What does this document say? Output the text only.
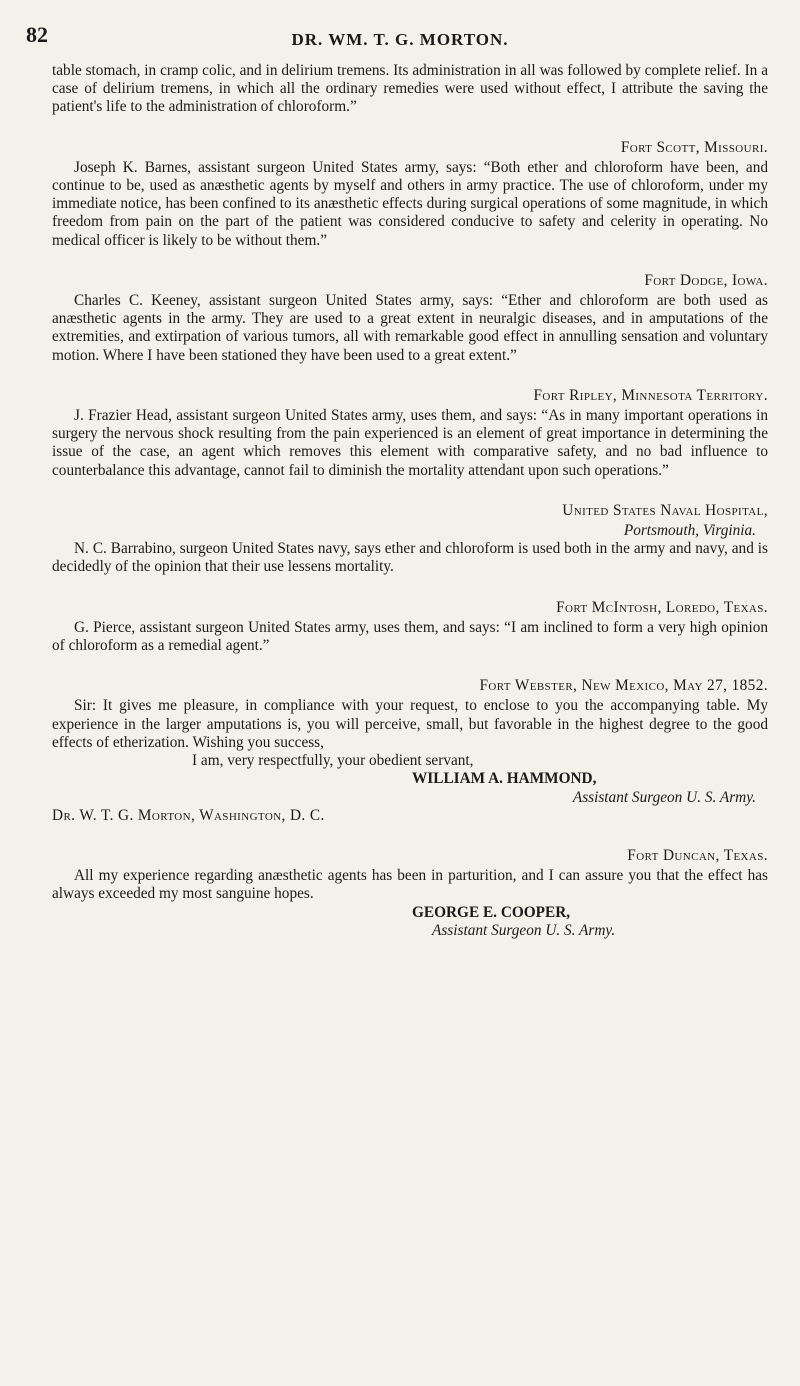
82	DR. WM. T. G. MORTON.

table stomach, in cramp colic, and in delirium tremens. Its administration in all was followed by complete relief. In a case of delirium tremens, in which all the ordinary remedies were used without effect, I attribute the saving the patient's life to the administration of chloroform.”

Fort Scott, Missouri.

Joseph K. Barnes, assistant surgeon United States army, says: “Both ether and chloroform have been, and continue to be, used as anæsthetic agents by myself and others in army practice. The use of chloroform, under my immediate notice, has been confined to its anæsthetic effects during surgical operations of some magnitude, in which freedom from pain on the part of the patient was considered conducive to safety and celerity in operating. No medical officer is likely to be without them.”

Fort Dodge, Iowa.

Charles C. Keeney, assistant surgeon United States army, says: “Ether and chloroform are both used as anæsthetic agents in the army. They are used to a great extent in neuralgic diseases, and in amputations of the extremities, and extirpation of various tumors, all with remarkable good effect in annulling sensation and voluntary motion. Where I have been stationed they have been used to a great extent.”

Fort Ripley, Minnesota Territory.

J. Frazier Head, assistant surgeon United States army, uses them, and says: “As in many important operations in surgery the nervous shock resulting from the pain experienced is an element of great importance in determining the issue of the case, an agent which removes this element with comparative safety, and no bad influence to counterbalance this advantage, cannot fail to diminish the mortality attendant upon such operations.”

United States Naval Hospital,

Portsmouth, Virginia.

N. C. Barrabino, surgeon United States navy, says ether and chloroform is used both in the army and navy, and is decidedly of the opinion that their use lessens mortality.

Fort McIntosh, Loredo, Texas.

G. Pierce, assistant surgeon United States army, uses them, and says: “I am inclined to form a very high opinion of chloroform as a remedial agent.”

Fort Webster, New Mexico, May 27, 1852.

Sir: It gives me pleasure, in compliance with your request, to enclose to you the accompanying table. My experience in the larger amputations is, you will perceive, small, but favorable in the highest degree to the good effects of etherization. Wishing you success,

I am, very respectfully, your obedient servant,

WILLIAM A. HAMMOND,

Assistant Surgeon U. S. Army.

Dr. W. T. G. Morton, Washington, D. C.

Fort Duncan, Texas.

All my experience regarding anæsthetic agents has been in parturition, and I can assure you that the effect has always exceeded my most sanguine hopes.

GEORGE E. COOPER,

Assistant Surgeon U. S. Army.
